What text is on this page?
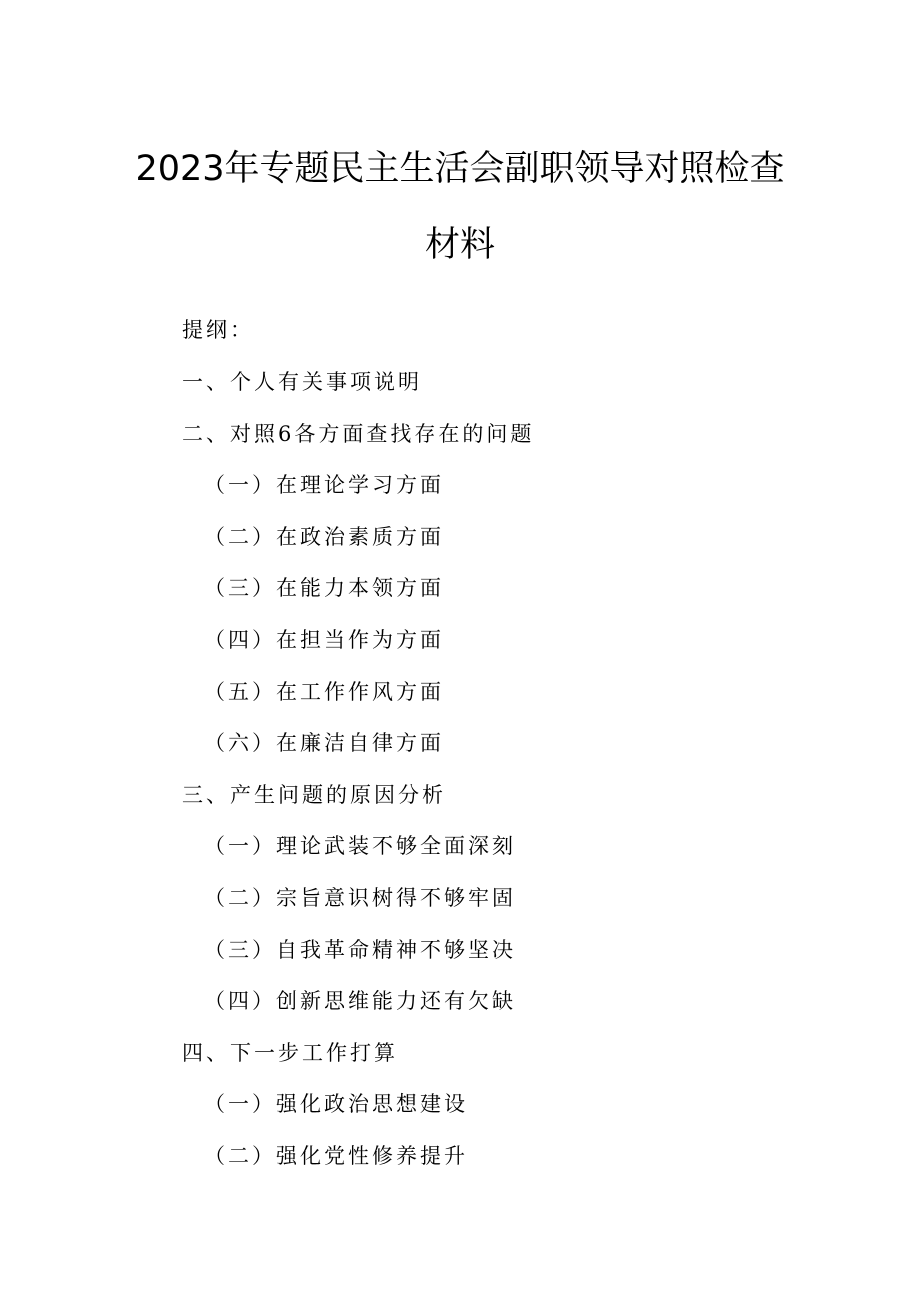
2023年专题民主生活会副职领导对照检查
材料
提纲：
一、个人有关事项说明
二、对照6各方面查找存在的问题
（一）在理论学习方面
（二）在政治素质方面
（三）在能力本领方面
（四）在担当作为方面
（五）在工作作风方面
（六）在廉洁自律方面
三、产生问题的原因分析
（一）理论武装不够全面深刻
（二）宗旨意识树得不够牢固
（三）自我革命精神不够坚决
（四）创新思维能力还有欠缺
四、下一步工作打算
（一）强化政治思想建设
（二）强化党性修养提升
